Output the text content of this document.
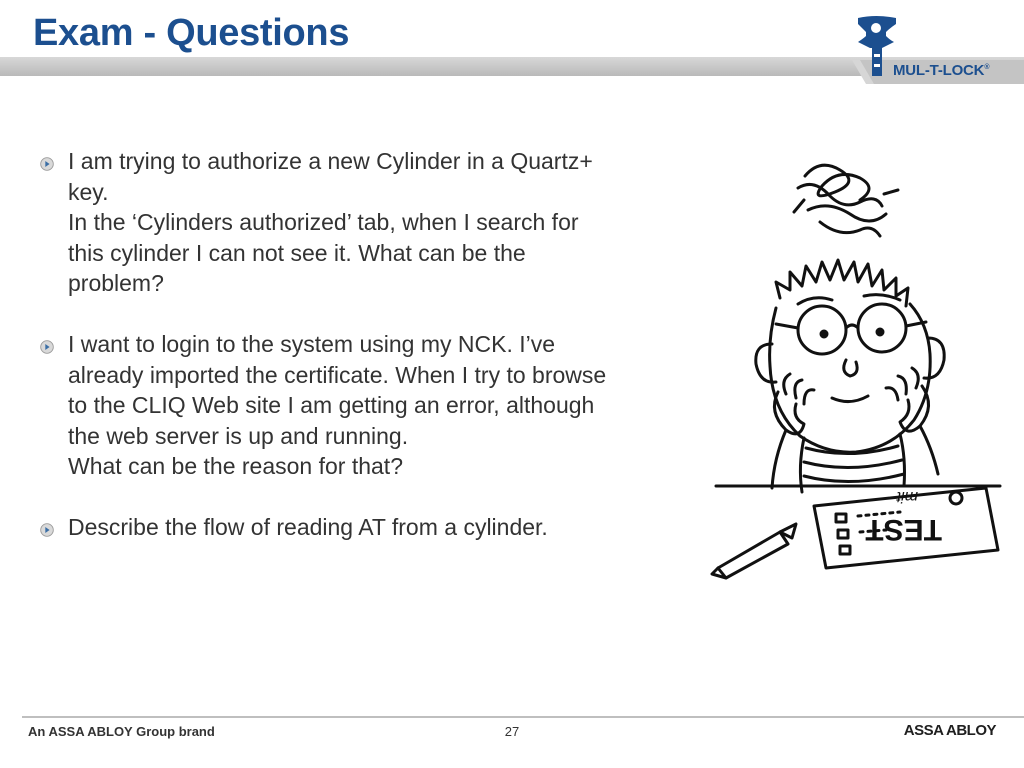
Exam - Questions
MUL-T-LOCK®
I am trying to authorize a new Cylinder in a Quartz+
key.
In the ‘Cylinders authorized’ tab, when I search for
this cylinder I can not see it. What can be the
problem?
I want to login to the system using my NCK. I’ve
already imported the certificate. When I try to browse
to the CLIQ Web site I am getting an error, although
the web server is up and running.
What can be the reason for that?
Describe the flow of reading AT from a cylinder.	TEST
mit
An ASSA ABLOY Group brand	27	ASSA ABLOY
